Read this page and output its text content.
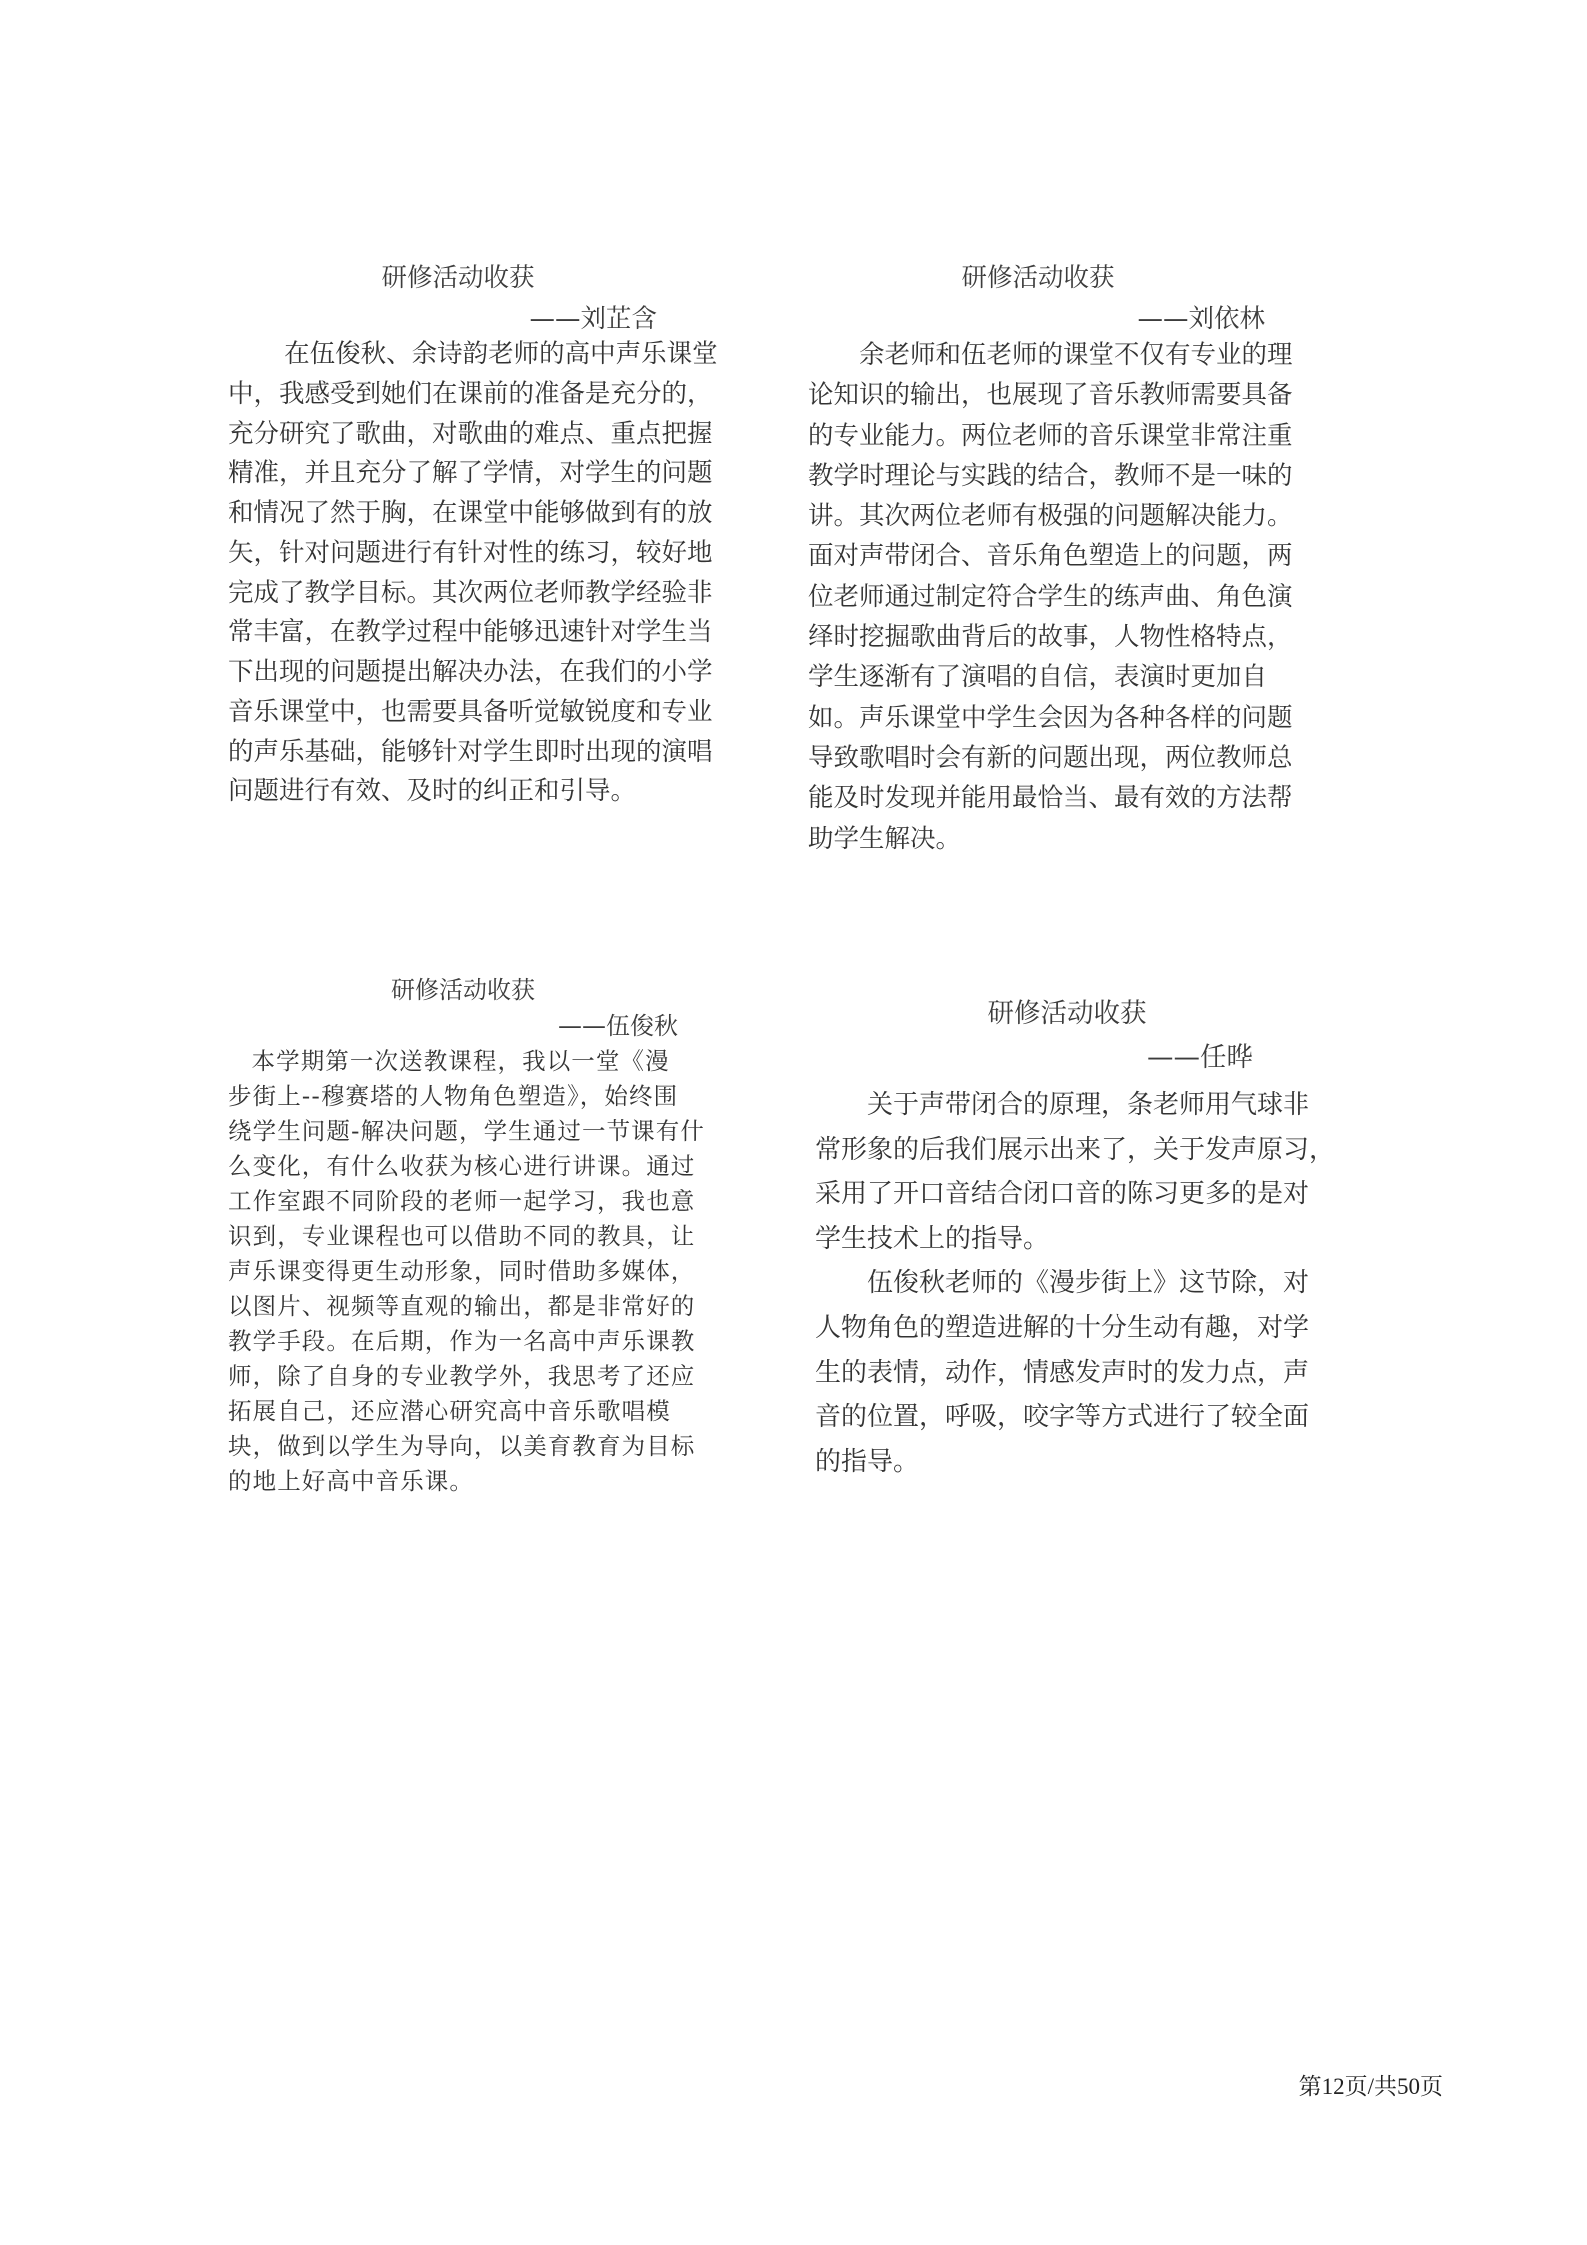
研修活动收获
——刘芷含
在伍俊秋、余诗韵老师的高中声乐课堂
中，我感受到她们在课前的准备是充分的，
充分研究了歌曲，对歌曲的难点、重点把握
精准，并且充分了解了学情，对学生的问题
和情况了然于胸，在课堂中能够做到有的放
矢，针对问题进行有针对性的练习，较好地
完成了教学目标。其次两位老师教学经验非
常丰富，在教学过程中能够迅速针对学生当
下出现的问题提出解决办法，在我们的小学
音乐课堂中，也需要具备听觉敏锐度和专业
的声乐基础，能够针对学生即时出现的演唱
问题进行有效、及时的纠正和引导。
研修活动收获
——刘依林
余老师和伍老师的课堂不仅有专业的理
论知识的输出，也展现了音乐教师需要具备
的专业能力。两位老师的音乐课堂非常注重
教学时理论与实践的结合，教师不是一味的
讲。其次两位老师有极强的问题解决能力。
面对声带闭合、音乐角色塑造上的问题，两
位老师通过制定符合学生的练声曲、角色演
绎时挖掘歌曲背后的故事，人物性格特点，
学生逐渐有了演唱的自信，表演时更加自
如。声乐课堂中学生会因为各种各样的问题
导致歌唱时会有新的问题出现，两位教师总
能及时发现并能用最恰当、最有效的方法帮
助学生解决。
研修活动收获
——伍俊秋
本学期第一次送教课程，我以一堂《漫
步街上--穆赛塔的人物角色塑造》，始终围
绕学生问题-解决问题，学生通过一节课有什
么变化，有什么收获为核心进行讲课。通过
工作室跟不同阶段的老师一起学习，我也意
识到，专业课程也可以借助不同的教具，让
声乐课变得更生动形象，同时借助多媒体，
以图片、视频等直观的输出，都是非常好的
教学手段。在后期，作为一名高中声乐课教
师，除了自身的专业教学外，我思考了还应
拓展自己，还应潜心研究高中音乐歌唱模
块，做到以学生为导向，以美育教育为目标
的地上好高中音乐课。
研修活动收获
——任晔
关于声带闭合的原理，条老师用气球非
常形象的后我们展示出来了，关于发声原习，
采用了开口音结合闭口音的陈习更多的是对
学生技术上的指导。
伍俊秋老师的《漫步街上》这节除，对
人物角色的塑造进解的十分生动有趣，对学
生的表情，动作，情感发声时的发力点，声
音的位置，呼吸，咬字等方式进行了较全面
的指导。
第12页/共50页
